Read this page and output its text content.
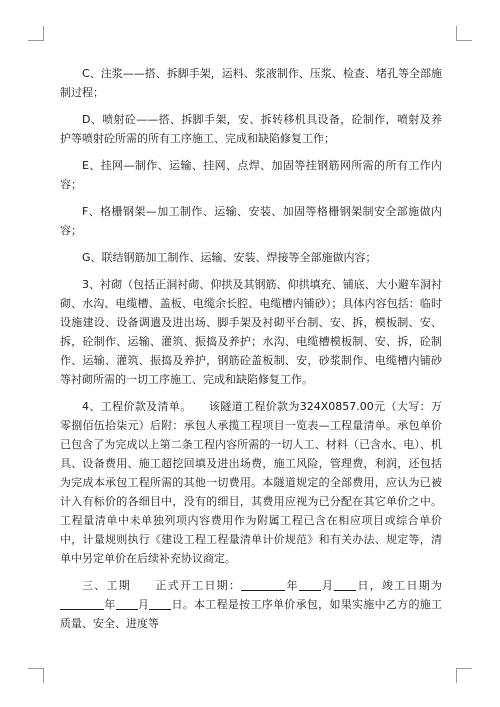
C、注浆——搭、拆脚手架，运料、浆液制作、压浆、检查、堵孔等全部施制过程；

D、喷射砼——搭、拆脚手架，安、拆转移机具设备，砼制作，喷射及养护等喷射砼所需的所有工序施工、完成和缺陷修复工作；

E、挂网—制作、运输、挂网、点焊、加固等挂钢筋网所需的所有工作内容；

F、格栅钢架—加工制作、运输、安装、加固等格栅钢架制安全部施做内容；

G、联结钢筋加工制作、运输、安装、焊接等全部施做内容；

3、衬砌（包括正洞衬砌、仰拱及其钢筋、仰拱填充、铺底、大小避车洞衬砌、水沟、电缆槽、盖板、电缆余长腔、电缆槽内铺砂）；具体内容包括：临时设施建设、设备调遣及进出场、脚手架及衬砌平台制、安、拆，模板制、安、拆，砼制作、运输、灌筑、振捣及养护；水沟、电缆槽模板制、安、拆，砼制作、运输、灌筑、振捣及养护，钢筋砼盖板制、安，砂浆制作、电缆槽内铺砂等衬砌所需的一切工序施工、完成和缺陷修复工作。

4、工程价款及清单。　　该隧道工程价款为324X0857.00元（大写：万零捌佰伍拾柒元）后附：承包人承揽工程项目一览表—工程量清单。承包单价已包含了为完成以上第二条工程内容所需的一切人工、材料（已含水、电）、机具、设备费用、施工超挖回填及进出场费，施工风险，管理费，利润，还包括为完成本承包工程所需的其他一切费用。本隧道规定的全部费用，应认为已被计入有标价的各细目中，没有的细目，其费用应视为已分配在其它单价之中。工程量清单中未单独列项内容费用作为附属工程已含在相应项目或综合单价中，计量规则执行《建设工程工程量清单计价规范》和有关办法、规定等，清单中另定单价在后续补充协议商定。

三、工期　　正式开工日期：	年 月 日，竣工日期为年 月 日。本工程是按工序单价承包，如果实施中乙方的施工质量、安全、进度等
